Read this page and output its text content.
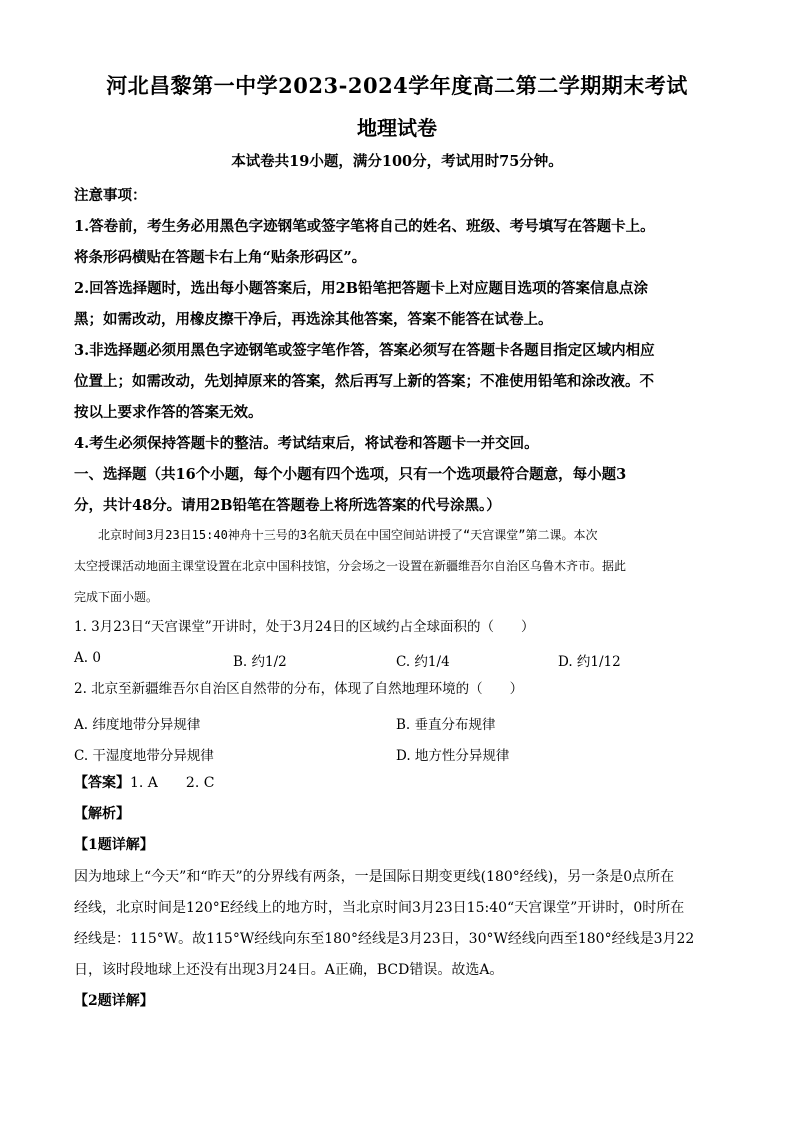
河北昌黎第一中学2023-2024学年度高二第二学期期末考试
地理试卷
本试卷共19小题，满分100分，考试用时75分钟。
注意事项：
1.答卷前，考生务必用黑色字迹钢笔或签字笔将自己的姓名、班级、考号填写在答题卡上。
将条形码横贴在答题卡右上角“贴条形码区”。
2.回答选择题时，选出每小题答案后，用2B铅笔把答题卡上对应题目选项的答案信息点涂
黑；如需改动，用橡皮擦干净后，再选涂其他答案，答案不能答在试卷上。
3.非选择题必须用黑色字迹钢笔或签字笔作答，答案必须写在答题卡各题目指定区域内相应
位置上；如需改动，先划掉原来的答案，然后再写上新的答案；不准使用铅笔和涂改液。不
按以上要求作答的答案无效。
4.考生必须保持答题卡的整洁。考试结束后，将试卷和答题卡一并交回。
一、选择题（共16个小题，每个小题有四个选项，只有一个选项最符合题意，每小题3
分，共计48分。请用2B铅笔在答题卷上将所选答案的代号涂黑。）
　　北京时间3月23日15:40神舟十三号的3名航天员在中国空间站讲授了“天宫课堂”第二课。本次
太空授课活动地面主课堂设置在北京中国科技馆，分会场之一设置在新疆维吾尔自治区乌鲁木齐市。据此
完成下面小题。
1. 3月23日“天宫课堂”开讲时，处于3月24日的区域约占全球面积的（　　）
A. 0	B. 约1/2	C. 约1/4	D. 约1/12
2. 北京至新疆维吾尔自治区自然带的分布，体现了自然地理环境的（　　）
A. 纬度地带分异规律	B. 垂直分布规律
C. 干湿度地带分异规律	D. 地方性分异规律
【答案】1. A　　2. C
【解析】
【1题详解】
因为地球上“今天”和“昨天”的分界线有两条，一是国际日期变更线(180°经线)，另一条是0点所在
经线，北京时间是120°E经线上的地方时，当北京时间3月23日15:40“天宫课堂”开讲时，0时所在
经线是：115°W。故115°W经线向东至180°经线是3月23日，30°W经线向西至180°经线是3月22
日，该时段地球上还没有出现3月24日。A正确，BCD错误。故选A。
【2题详解】
